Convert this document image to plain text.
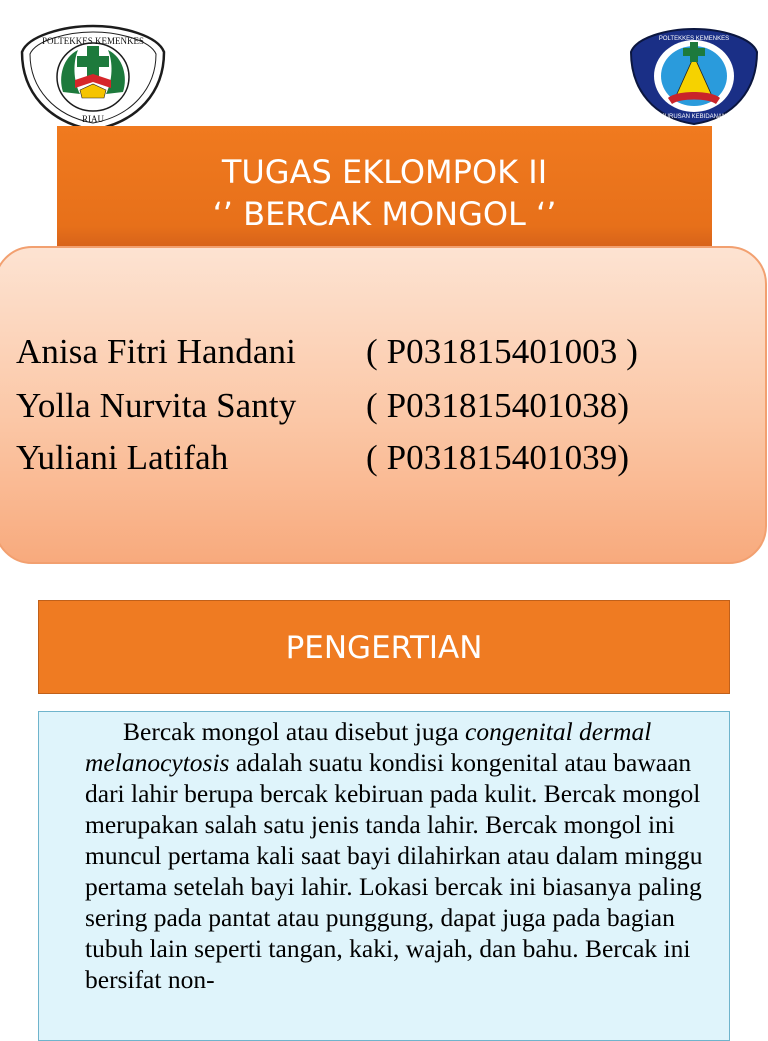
POLTEKKES KEMENKES
RIAU
POLTEKKES KEMENKES
JURUSAN KEBIDANAN
TUGAS EKLOMPOK II
‘’ BERCAK MONGOL ‘’
Anisa Fitri Handani ( P031815401003 )
Yolla Nurvita Santy ( P031815401038)
Yuliani Latifah	( P031815401039)
PENGERTIAN
Bercak mongol atau disebut juga congenital dermal melanocytosis adalah suatu kondisi kongenital atau bawaan dari lahir berupa bercak kebiruan pada kulit. Bercak mongol merupakan salah satu jenis tanda lahir. Bercak mongol ini muncul pertama kali saat bayi dilahirkan atau dalam minggu pertama setelah bayi lahir. Lokasi bercak ini biasanya paling sering pada pantat atau punggung, dapat juga pada bagian tubuh lain seperti tangan, kaki, wajah, dan bahu. Bercak ini bersifat non-
